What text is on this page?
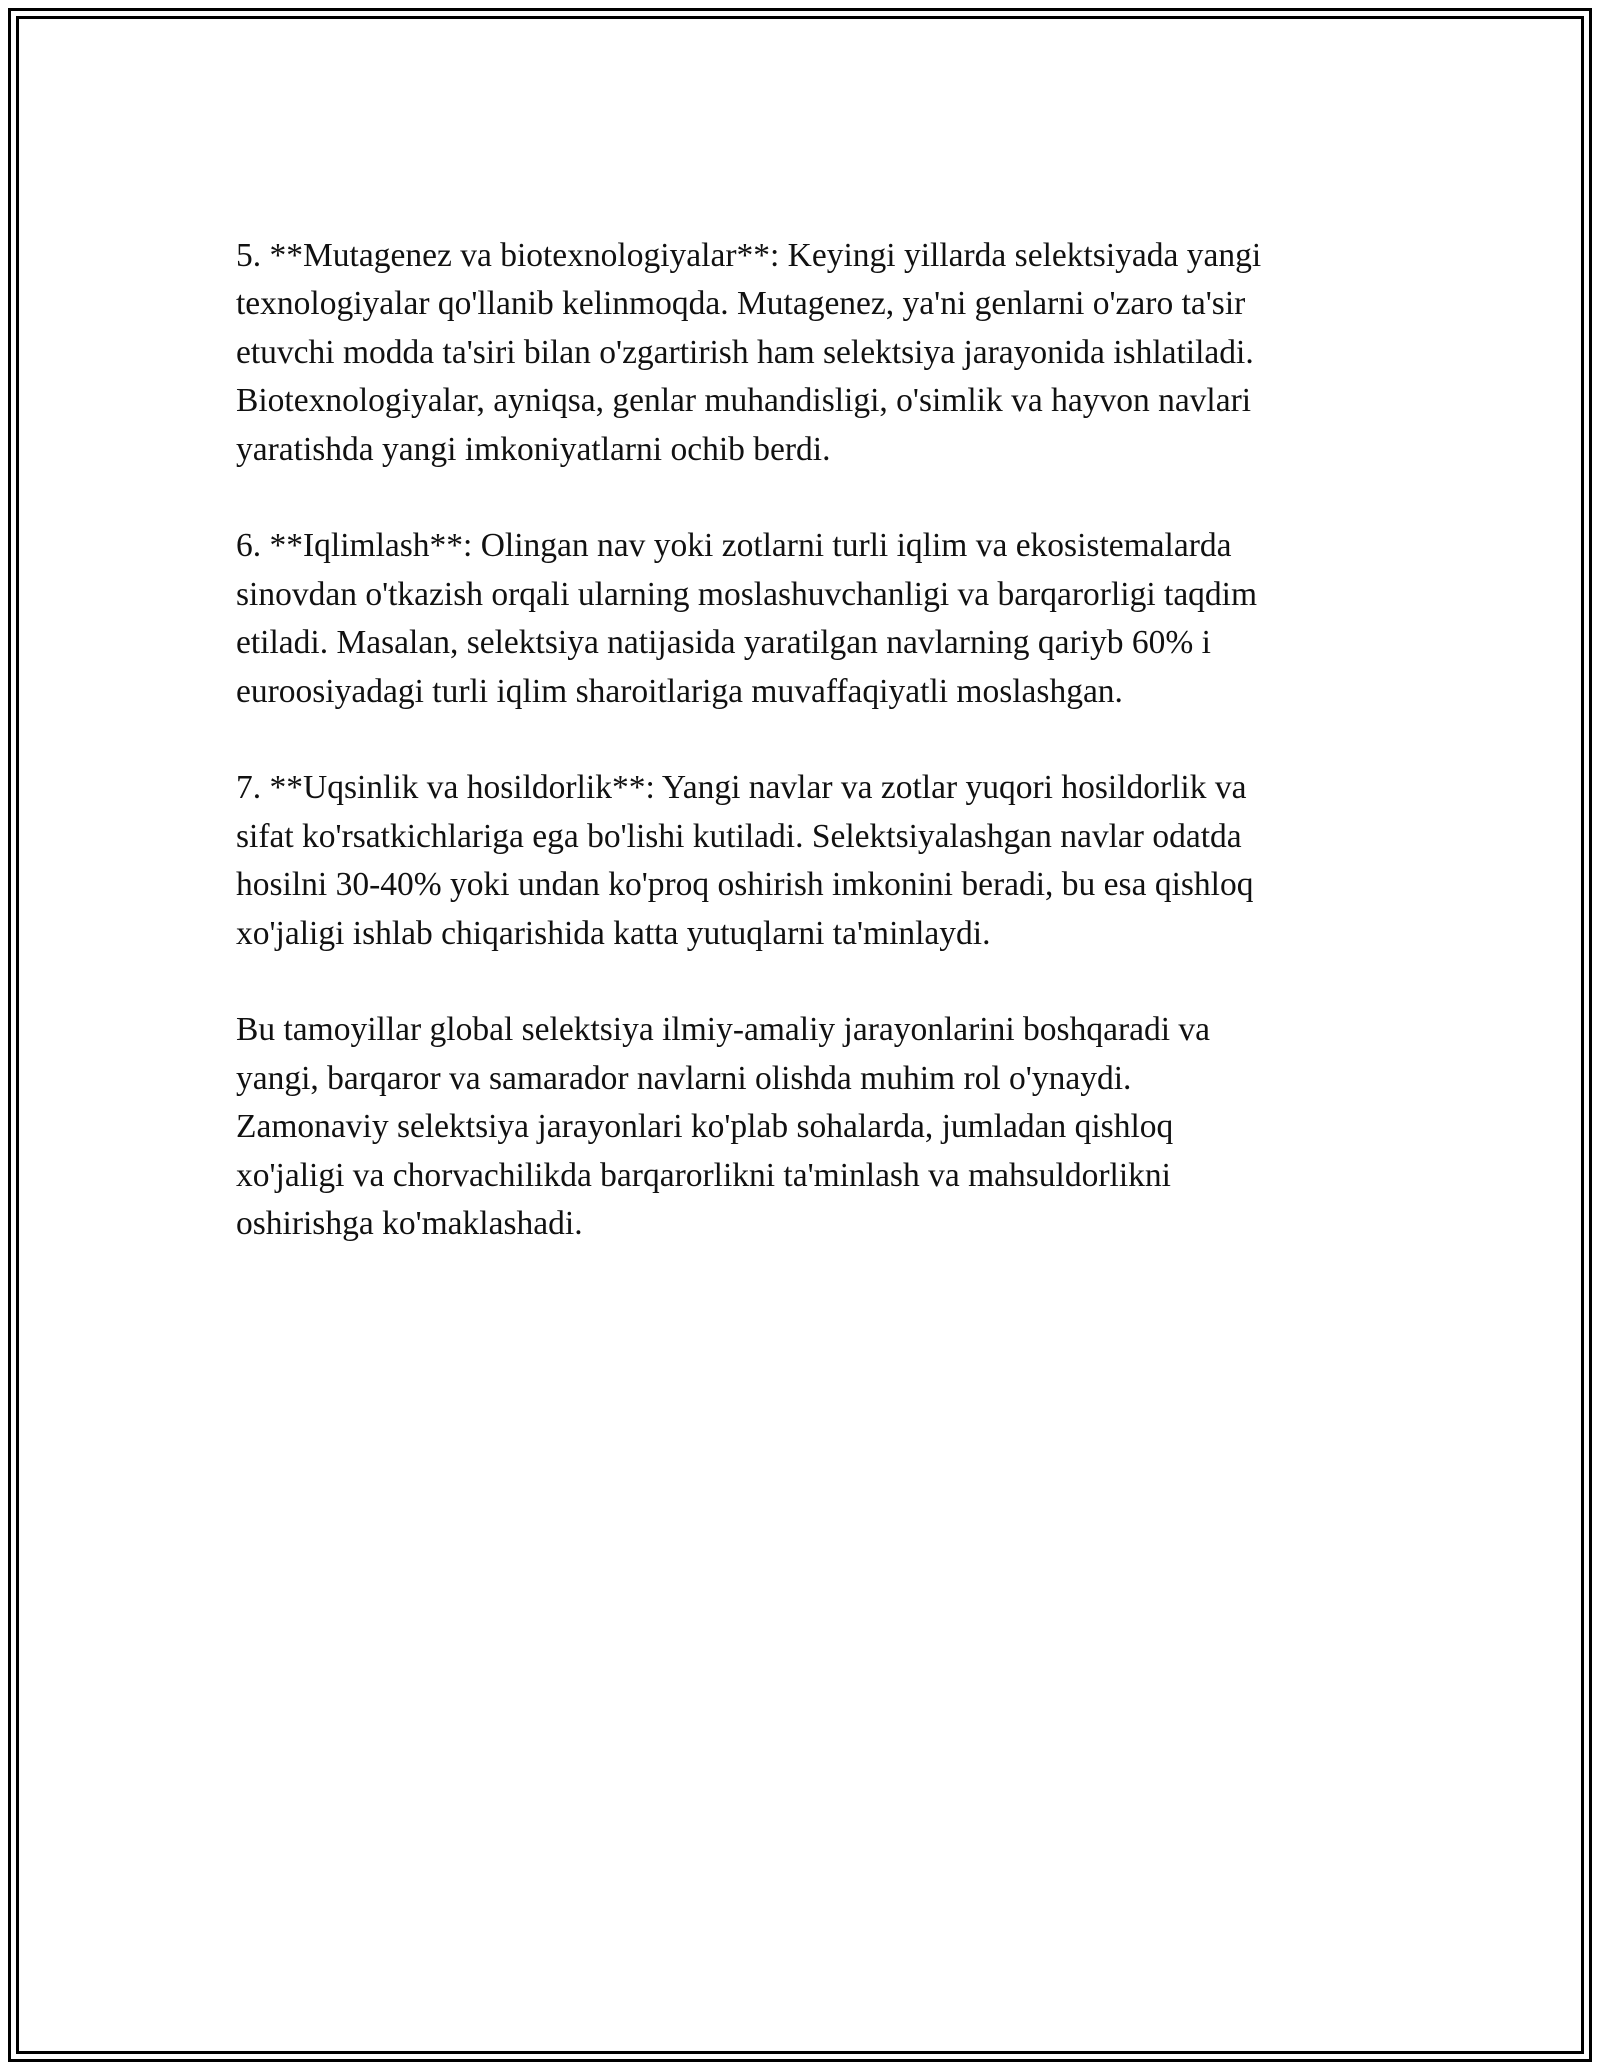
5. **Mutagenez va biotexnologiyalar**: Keyingi yillarda selektsiyada yangi
texnologiyalar qo'llanib kelinmoqda. Mutagenez, ya'ni genlarni o'zaro ta'sir
etuvchi modda ta'siri bilan o'zgartirish ham selektsiya jarayonida ishlatiladi.
Biotexnologiyalar, ayniqsa, genlar muhandisligi, o'simlik va hayvon navlari
yaratishda yangi imkoniyatlarni ochib berdi.

6. **Iqlimlash**: Olingan nav yoki zotlarni turli iqlim va ekosistemalarda
sinovdan o'tkazish orqali ularning moslashuvchanligi va barqarorligi taqdim
etiladi. Masalan, selektsiya natijasida yaratilgan navlarning qariyb 60% i
euroosiyadagi turli iqlim sharoitlariga muvaffaqiyatli moslashgan.

7. **Uqsinlik va hosildorlik**: Yangi navlar va zotlar yuqori hosildorlik va
sifat ko'rsatkichlariga ega bo'lishi kutiladi. Selektsiyalashgan navlar odatda
hosilni 30-40% yoki undan ko'proq oshirish imkonini beradi, bu esa qishloq
xo'jaligi ishlab chiqarishida katta yutuqlarni ta'minlaydi.

Bu tamoyillar global selektsiya ilmiy-amaliy jarayonlarini boshqaradi va
yangi, barqaror va samarador navlarni olishda muhim rol o'ynaydi.
Zamonaviy selektsiya jarayonlari ko'plab sohalarda, jumladan qishloq
xo'jaligi va chorvachilikda barqarorlikni ta'minlash va mahsuldorlikni
oshirishga ko'maklashadi.
